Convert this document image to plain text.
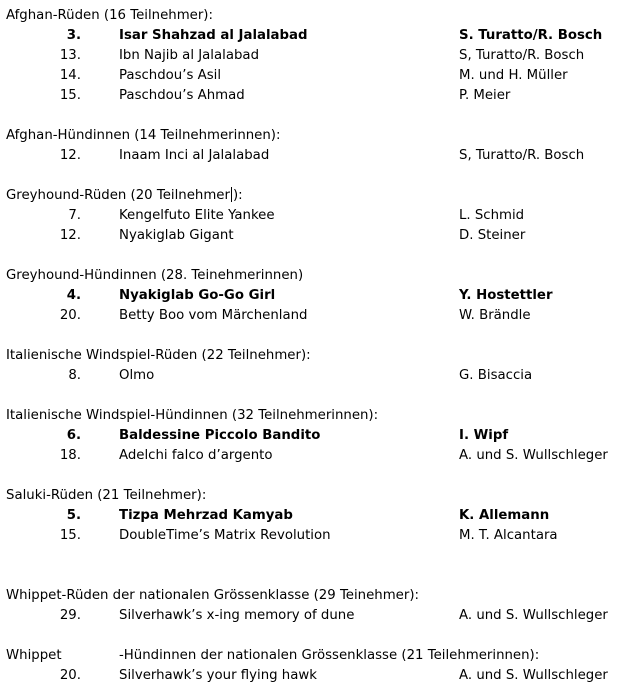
Afghan-Rüden (16 Teilnehmer):
3.	Isar Shahzad al Jalalabad	S. Turatto/R. Bosch
13.	Ibn Najib al Jalalabad	S, Turatto/R. Bosch
14.	Paschdou’s Asil	M. und H. Müller
15.	Paschdou’s Ahmad	P. Meier
Afghan-Hündinnen (14 Teilnehmerinnen):
12.	Inaam Inci al Jalalabad	S, Turatto/R. Bosch
Greyhound-Rüden (20 Teilnehmer ):
7.	Kengelfuto Elite Yankee	L. Schmid
12.	Nyakiglab Gigant	D. Steiner
Greyhound-Hündinnen (28. Teinehmerinnen)
4.	Nyakiglab Go-Go Girl	Y. Hostettler
20.	Betty Boo vom Märchenland	W. Brändle
Italienische Windspiel-Rüden (22 Teilnehmer):
8.	Olmo	G. Bisaccia
Italienische Windspiel-Hündinnen (32 Teilnehmerinnen):
6.	Baldessine Piccolo Bandito	I. Wipf
18.	Adelchi falco d’argento	A. und S. Wullschleger
Saluki-Rüden (21 Teilnehmer):
5.	Tizpa Mehrzad Kamyab	K. Allemann
15.	DoubleTime’s Matrix Revolution	M. T. Alcantara
Whippet-Rüden der nationalen Grössenklasse (29 Teinehmer):
29.	Silverhawk’s x-ing memory of dune	A. und S. Wullschleger
Whippet	-Hündinnen der nationalen Grössenklasse (21 Teilehmerinnen):
20.	Silverhawk’s your flying hawk	A. und S. Wullschleger
